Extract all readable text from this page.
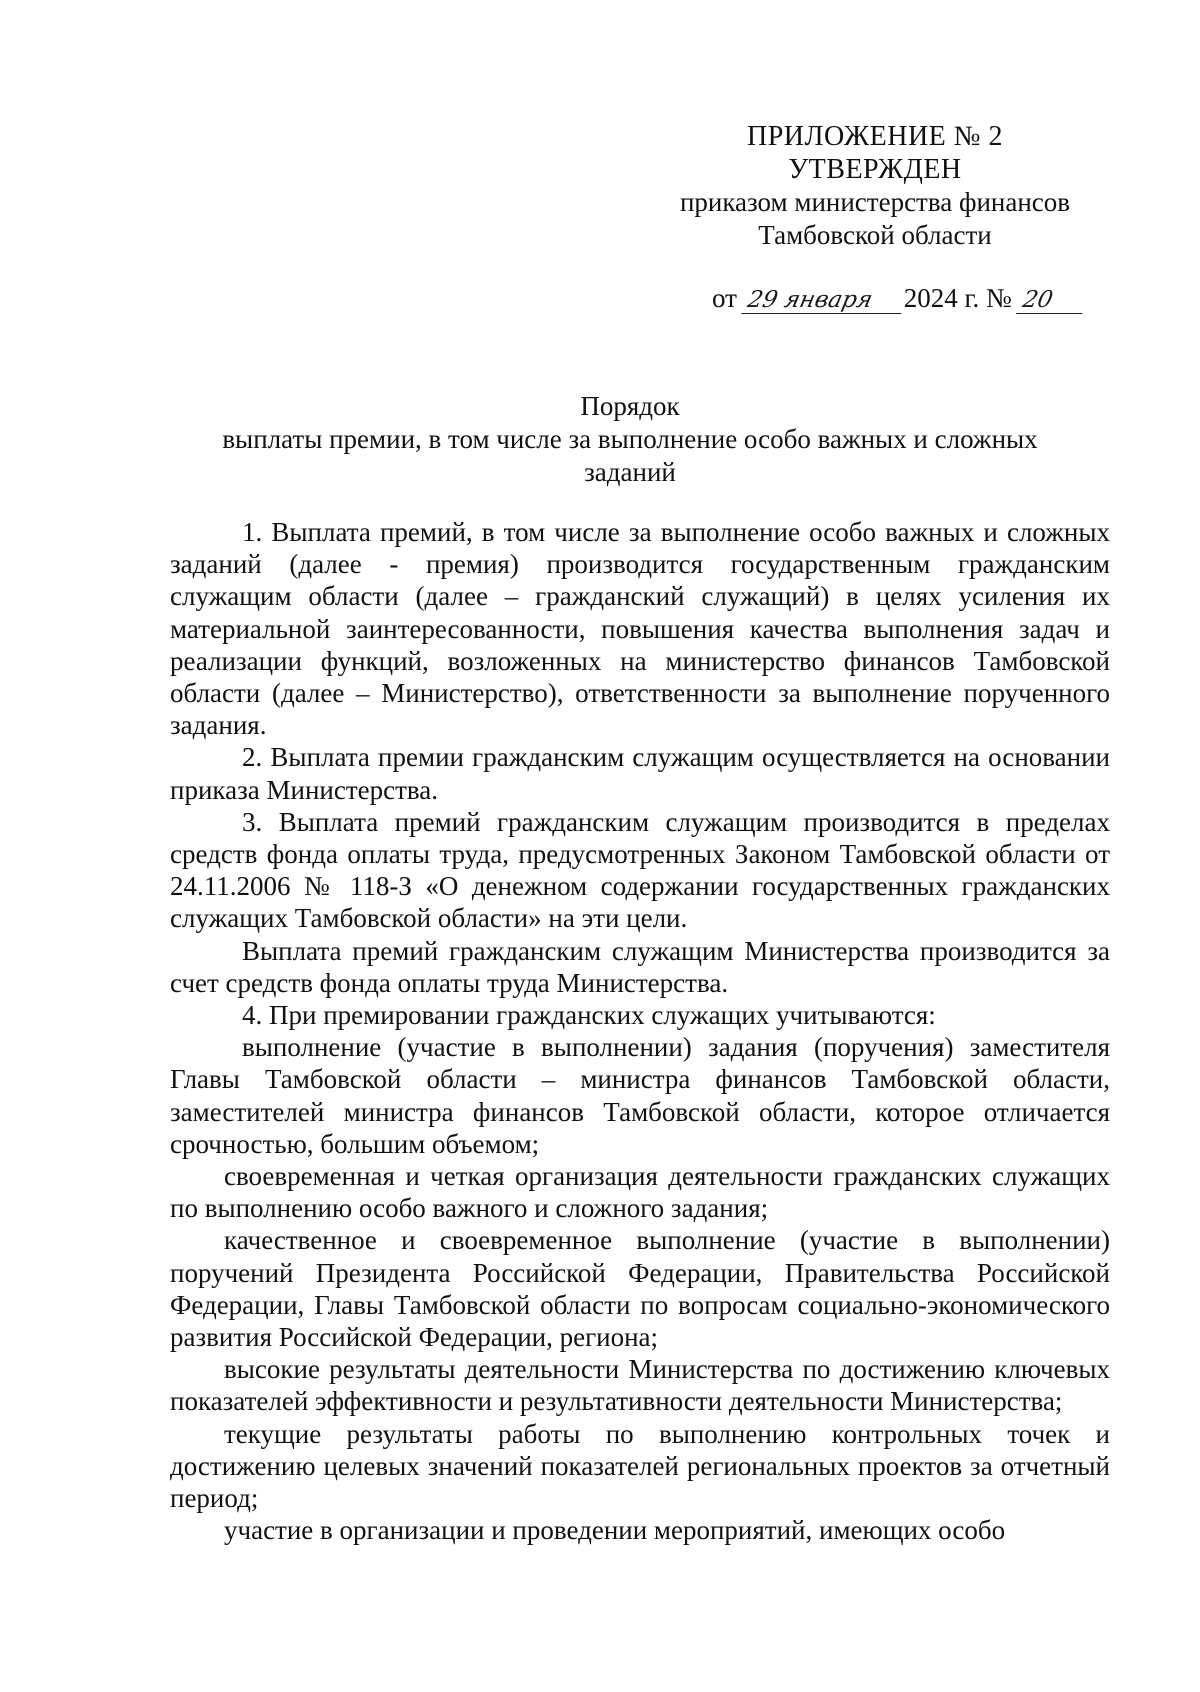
ПРИЛОЖЕНИЕ № 2
УТВЕРЖДЕН
приказом министерства финансов
Тамбовской области
от 29 января 2024 г. № 20
Порядок
выплаты премии, в том числе за выполнение особо важных и сложных
заданий

1. Выплата премий, в том числе за выполнение особо важных и сложных заданий (далее - премия) производится государственным гражданским служащим области (далее – гражданский служащий) в целях усиления их материальной заинтересованности, повышения качества выполнения задач и реализации функций, возложенных на министерство финансов Тамбовской области (далее – Министерство), ответственности за выполнение порученного задания.

2. Выплата премии гражданским служащим осуществляется на основании приказа Министерства.

3. Выплата премий гражданским служащим производится в пределах средств фонда оплаты труда, предусмотренных Законом Тамбовской области от 24.11.2006 № 118-З «О денежном содержании государственных гражданских служащих Тамбовской области» на эти цели.

Выплата премий гражданским служащим Министерства производится за счет средств фонда оплаты труда Министерства.

4. При премировании гражданских служащих учитываются:

выполнение (участие в выполнении) задания (поручения) заместителя Главы Тамбовской области – министра финансов Тамбовской области, заместителей министра финансов Тамбовской области, которое отличается срочностью, большим объемом;

своевременная и четкая организация деятельности гражданских служащих по выполнению особо важного и сложного задания;

качественное и своевременное выполнение (участие в выполнении) поручений Президента Российской Федерации, Правительства Российской Федерации, Главы Тамбовской области по вопросам социально-экономического развития Российской Федерации, региона;

высокие результаты деятельности Министерства по достижению ключевых показателей эффективности и результативности деятельности Министерства;

текущие результаты работы по выполнению контрольных точек и достижению целевых значений показателей региональных проектов за отчетный период;

участие в организации и проведении мероприятий, имеющих особо
